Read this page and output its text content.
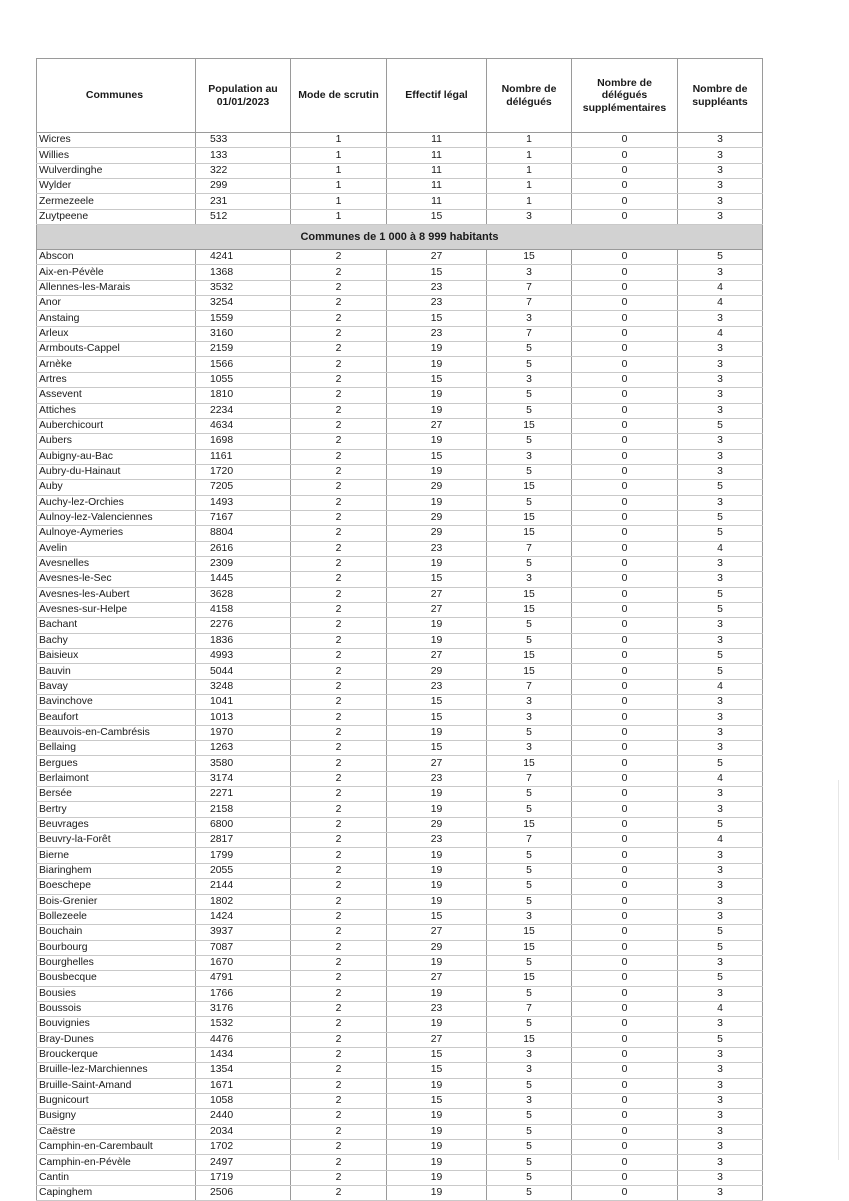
Communes	Population au 01/01/2023	Mode de scrutin	Effectif légal	Nombre de délégués	Nombre de délégués supplémentaires	Nombre de suppléants
Wicres	533	1	11	1	0	3
Willies	133	1	11	1	0	3
Wulverdinghe	322	1	11	1	0	3
Wylder	299	1	11	1	0	3
Zermezeele	231	1	11	1	0	3
Zuytpeene	512	1	15	3	0	3
Communes de 1 000 à 8 999 habitants						
Abscon	4241	2	27	15	0	5
Aix-en-Pévèle	1368	2	15	3	0	3
Allennes-les-Marais	3532	2	23	7	0	4
Anor	3254	2	23	7	0	4
Anstaing	1559	2	15	3	0	3
Arleux	3160	2	23	7	0	4
Armbouts-Cappel	2159	2	19	5	0	3
Arnèke	1566	2	19	5	0	3
Artres	1055	2	15	3	0	3
Assevent	1810	2	19	5	0	3
Attiches	2234	2	19	5	0	3
Auberchicourt	4634	2	27	15	0	5
Aubers	1698	2	19	5	0	3
Aubigny-au-Bac	1161	2	15	3	0	3
Aubry-du-Hainaut	1720	2	19	5	0	3
Auby	7205	2	29	15	0	5
Auchy-lez-Orchies	1493	2	19	5	0	3
Aulnoy-lez-Valenciennes	7167	2	29	15	0	5
Aulnoye-Aymeries	8804	2	29	15	0	5
Avelin	2616	2	23	7	0	4
Avesnelles	2309	2	19	5	0	3
Avesnes-le-Sec	1445	2	15	3	0	3
Avesnes-les-Aubert	3628	2	27	15	0	5
Avesnes-sur-Helpe	4158	2	27	15	0	5
Bachant	2276	2	19	5	0	3
Bachy	1836	2	19	5	0	3
Baisieux	4993	2	27	15	0	5
Bauvin	5044	2	29	15	0	5
Bavay	3248	2	23	7	0	4
Bavinchove	1041	2	15	3	0	3
Beaufort	1013	2	15	3	0	3
Beauvois-en-Cambrésis	1970	2	19	5	0	3
Bellaing	1263	2	15	3	0	3
Bergues	3580	2	27	15	0	5
Berlaimont	3174	2	23	7	0	4
Bersée	2271	2	19	5	0	3
Bertry	2158	2	19	5	0	3
Beuvrages	6800	2	29	15	0	5
Beuvry-la-Forêt	2817	2	23	7	0	4
Bierne	1799	2	19	5	0	3
Biaringhem	2055	2	19	5	0	3
Boeschepe	2144	2	19	5	0	3
Bois-Grenier	1802	2	19	5	0	3
Bollezeele	1424	2	15	3	0	3
Bouchain	3937	2	27	15	0	5
Bourbourg	7087	2	29	15	0	5
Bourghelles	1670	2	19	5	0	3
Bousbecque	4791	2	27	15	0	5
Bousies	1766	2	19	5	0	3
Boussois	3176	2	23	7	0	4
Bouvignies	1532	2	19	5	0	3
Bray-Dunes	4476	2	27	15	0	5
Brouckerque	1434	2	15	3	0	3
Bruille-lez-Marchiennes	1354	2	15	3	0	3
Bruille-Saint-Amand	1671	2	19	5	0	3
Bugnicourt	1058	2	15	3	0	3
Busigny	2440	2	19	5	0	3
Caëstre	2034	2	19	5	0	3
Camphin-en-Carembault	1702	2	19	5	0	3
Camphin-en-Pévèle	2497	2	19	5	0	3
Cantin	1719	2	19	5	0	3
Capinghem	2506	2	19	5	0	3
